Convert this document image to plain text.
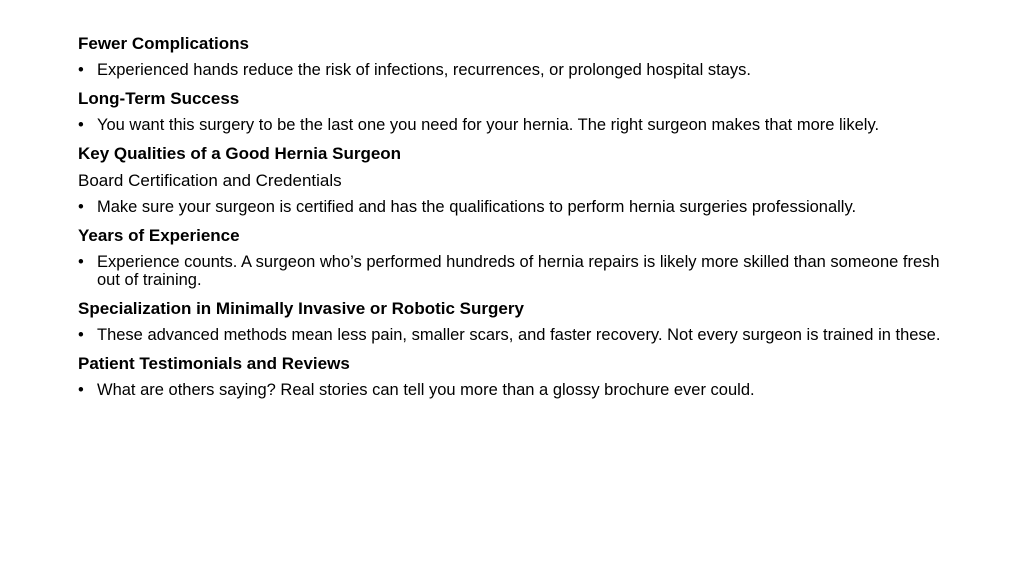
Fewer Complications
• Experienced hands reduce the risk of infections, recurrences, or prolonged hospital stays.
Long-Term Success
• You want this surgery to be the last one you need for your hernia. The right surgeon makes that more likely.
Key Qualities of a Good Hernia Surgeon
Board Certification and Credentials
• Make sure your surgeon is certified and has the qualifications to perform hernia surgeries professionally.
Years of Experience
• Experience counts. A surgeon who’s performed hundreds of hernia repairs is likely more skilled than someone fresh out of training.
Specialization in Minimally Invasive or Robotic Surgery
• These advanced methods mean less pain, smaller scars, and faster recovery. Not every surgeon is trained in these.
Patient Testimonials and Reviews
• What are others saying? Real stories can tell you more than a glossy brochure ever could.
